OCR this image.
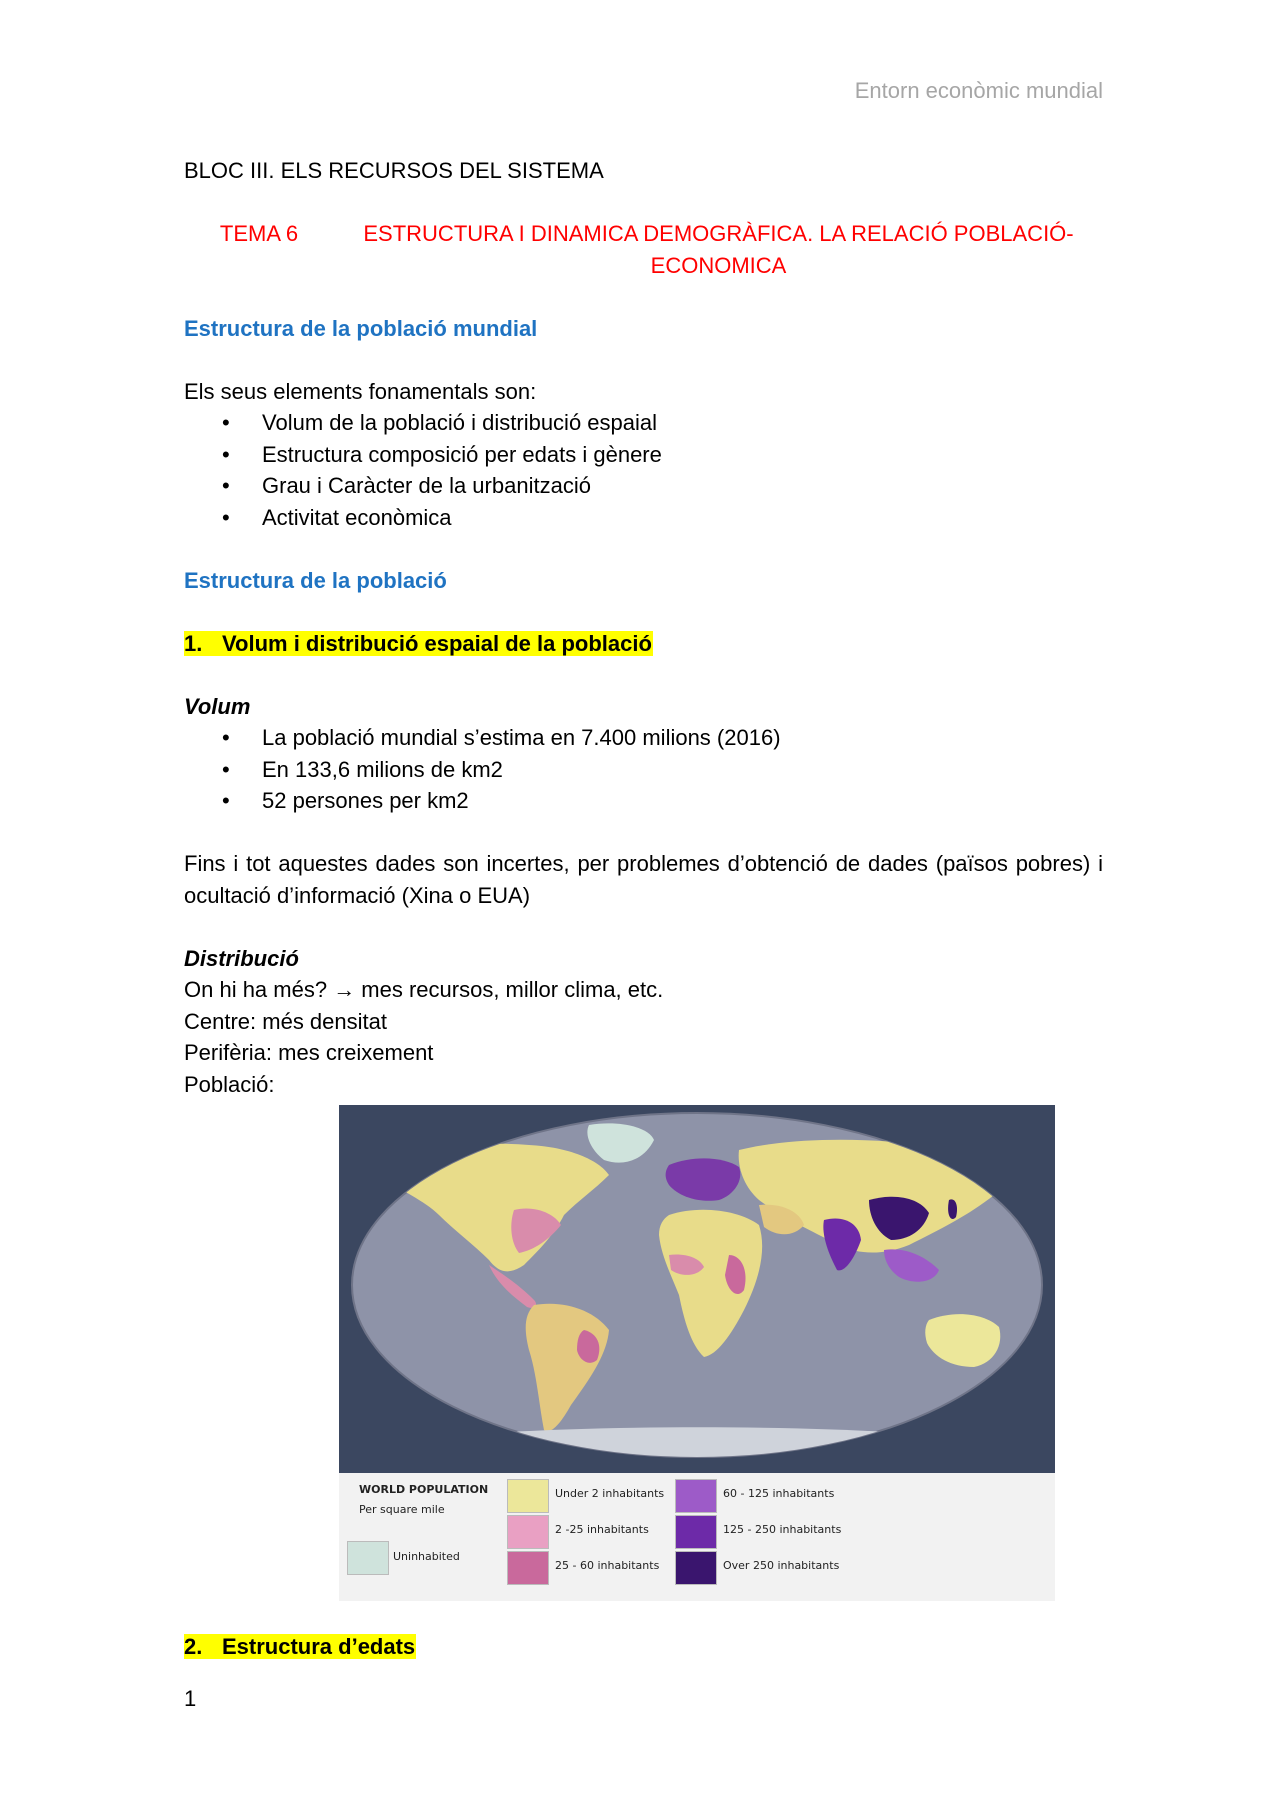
Entorn econòmic mundial
BLOC III. ELS RECURSOS DEL SISTEMA
TEMA 6	ESTRUCTURA I DINAMICA DEMOGRÀFICA. LA RELACIÓ POBLACIÓ-ECONOMICA
Estructura de la població mundial
Els seus elements fonamentals son:
• Volum de la població i distribució espaial
• Estructura composició per edats i gènere
• Grau i Caràcter de la urbanització
• Activitat econòmica
Estructura de la població
1. Volum i distribució espaial de la població
Volum
• La població mundial s’estima en 7.400 milions (2016)
• En 133,6 milions de km2
• 52 persones per km2
Fins i tot aquestes dades son incertes, per problemes d’obtenció de dades (països pobres) i ocultació d’informació (Xina o EUA)
Distribució
On hi ha més? → mes recursos, millor clima, etc.
Centre: més densitat
Perifèria: mes creixement
Població:
WORLD POPULATION
Per square mile
Uninhabited
Under 2 inhabitants
2 -25 inhabitants
25 - 60 inhabitants
60 - 125 inhabitants
125 - 250 inhabitants
Over 250 inhabitants
2. Estructura d’edats
1
